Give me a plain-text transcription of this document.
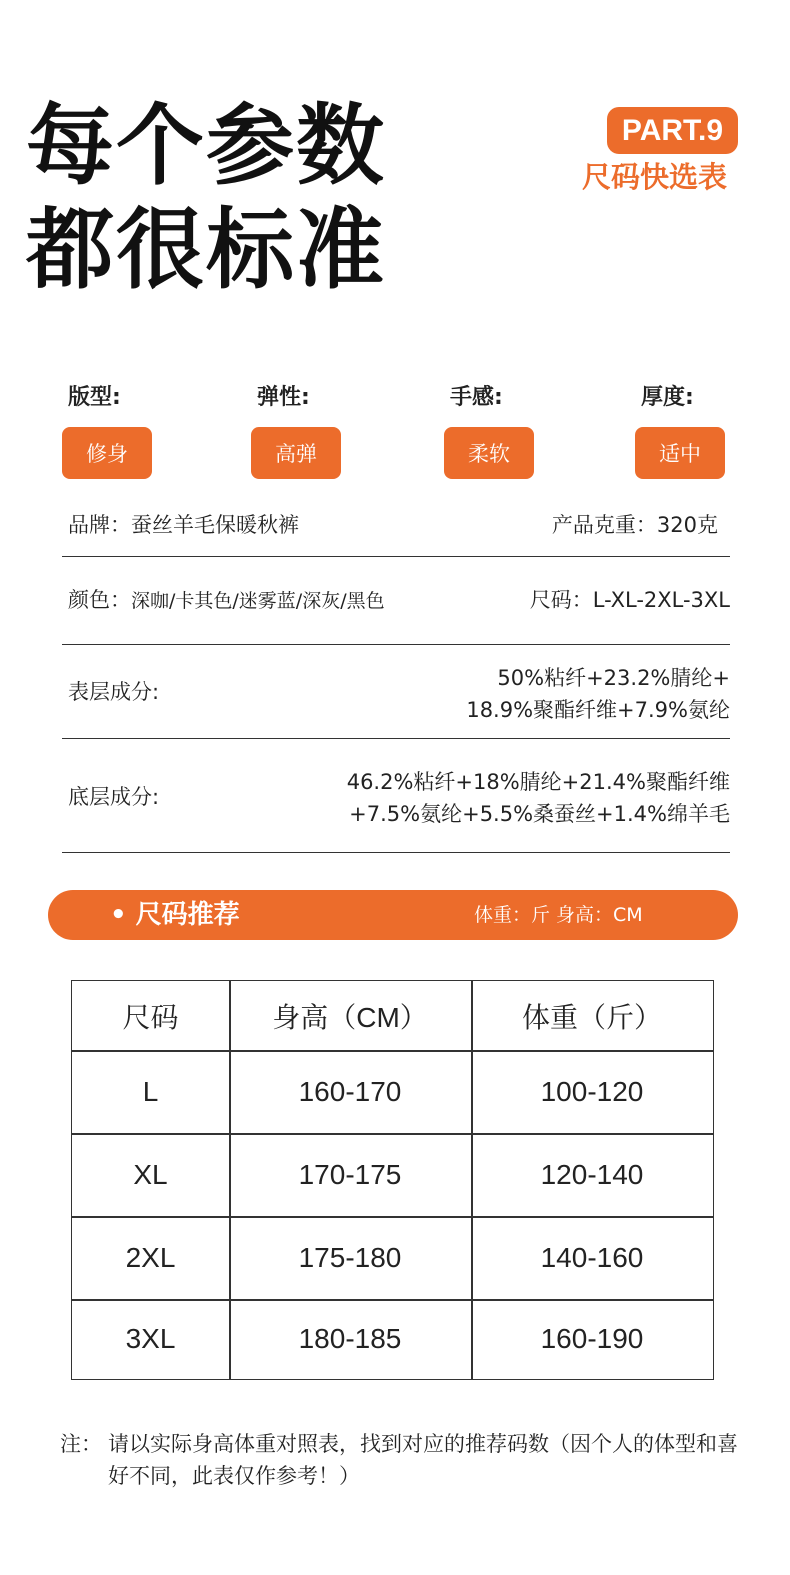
每个参数
都很标准
PART.9
尺码快选表
版型:	弹性:	手感:	厚度:
修身	高弹	柔软	适中
品牌：蚕丝羊毛保暖秋裤	产品克重：320克
颜色：深咖/卡其色/迷雾蓝/深灰/黑色	尺码：L-XL-2XL-3XL
表层成分:
50%粘纤+23.2%腈纶+
18.9%聚酯纤维+7.9%氨纶
底层成分:
46.2%粘纤+18%腈纶+21.4%聚酯纤维
+7.5%氨纶+5.5%桑蚕丝+1.4%绵羊毛
• 尺码推荐	体重：斤 身高：CM
尺码	身高（CM）	体重（斤）
L	160-170	100-120
XL	170-175	120-140
2XL	175-180	140-160
3XL	180-185	160-190
注： 请以实际身高体重对照表，找到对应的推荐码数（因个人的体型和喜好不同，此表仅作参考！）
